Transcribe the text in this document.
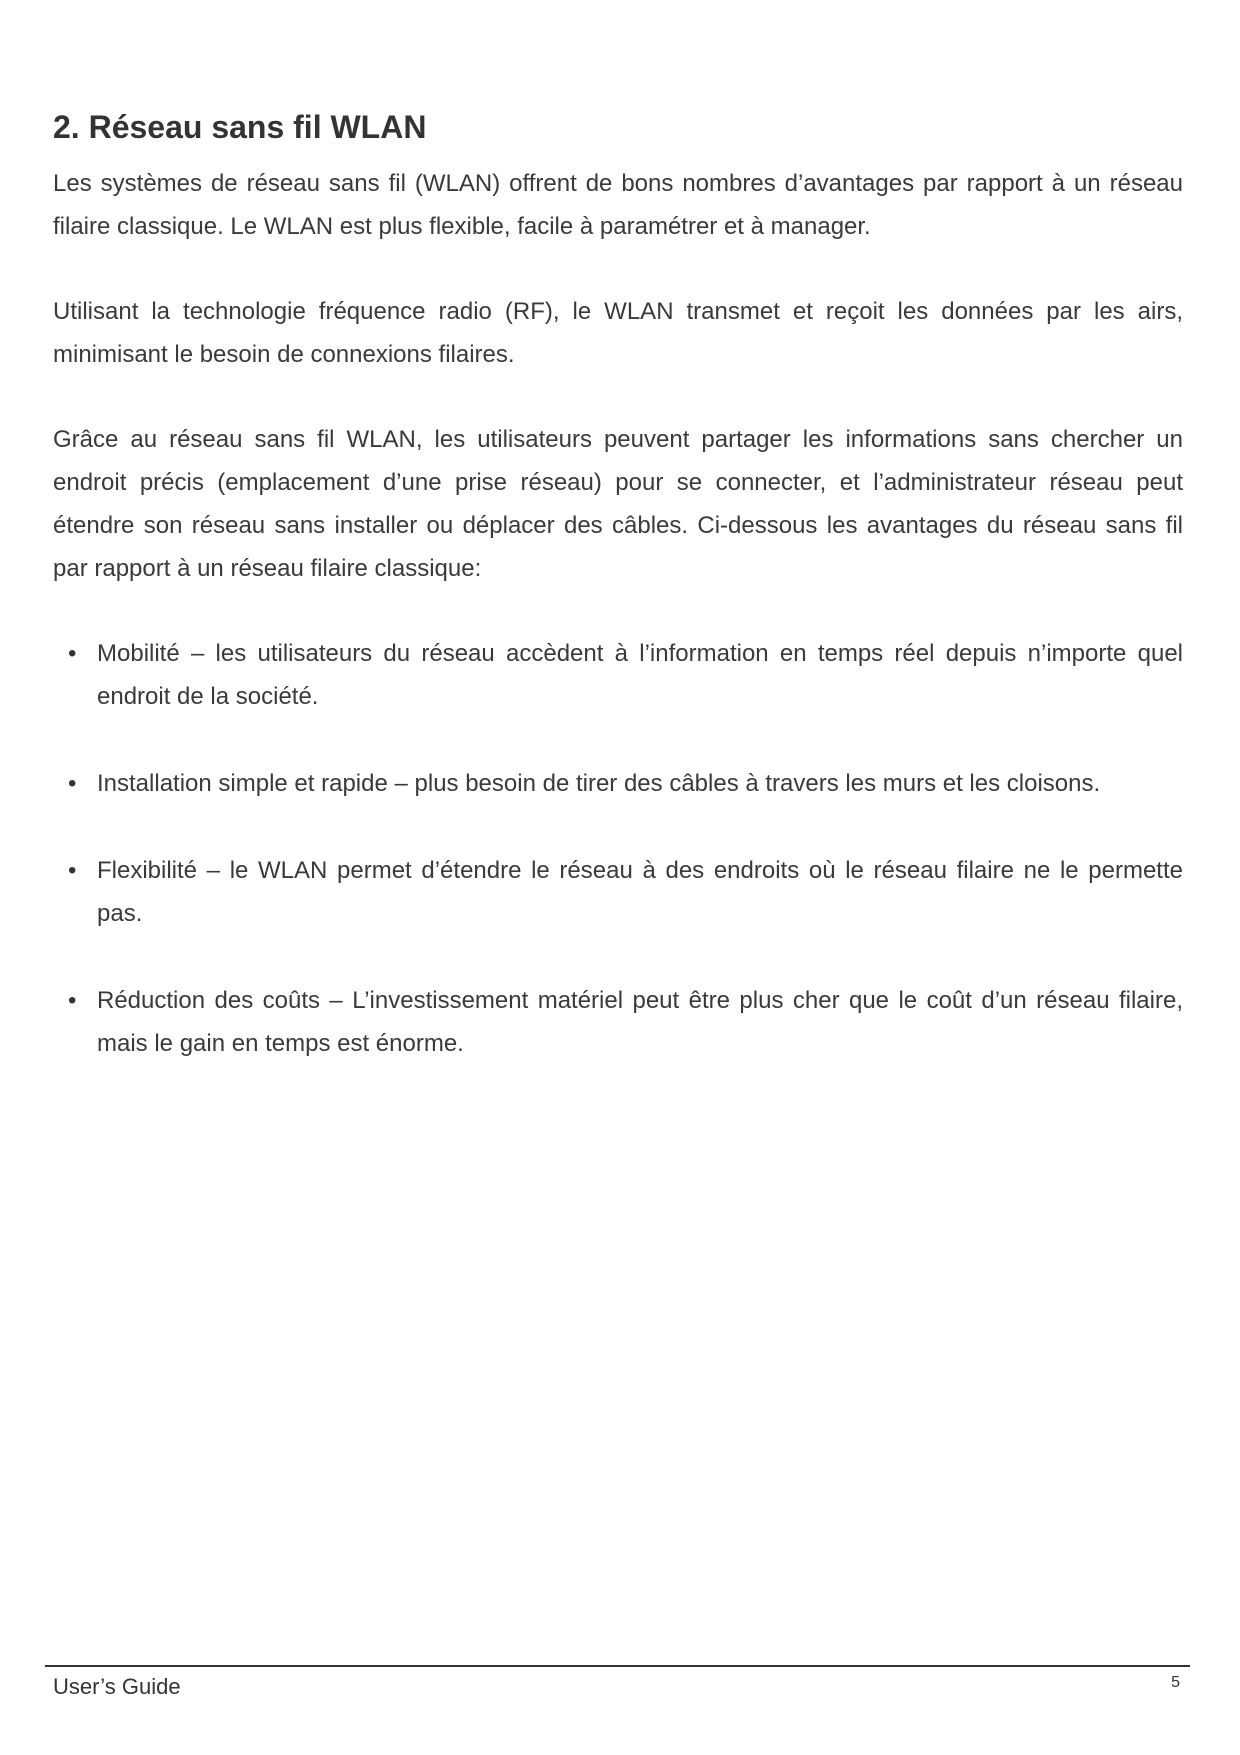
2. Réseau sans fil WLAN

Les systèmes de réseau sans fil (WLAN) offrent de bons nombres d’avantages par rapport à un réseau filaire classique. Le WLAN est plus flexible, facile à paramétrer et à manager.

Utilisant la technologie fréquence radio (RF), le WLAN transmet et reçoit les données par les airs, minimisant le besoin de connexions filaires.

Grâce au réseau sans fil WLAN, les utilisateurs peuvent partager les informations sans chercher un endroit précis (emplacement d’une prise réseau) pour se connecter, et l’administrateur réseau peut étendre son réseau sans installer ou déplacer des câbles. Ci-dessous les avantages du réseau sans fil par rapport à un réseau filaire classique:

• Mobilité – les utilisateurs du réseau accèdent à l’information en temps réel depuis n’importe quel endroit de la société.
• Installation simple et rapide – plus besoin de tirer des câbles à travers les murs et les cloisons.
• Flexibilité – le WLAN permet d’étendre le réseau à des endroits où le réseau filaire ne le permette pas.
• Réduction des coûts – L’investissement matériel peut être plus cher que le coût d’un réseau filaire, mais le gain en temps est énorme.
User’s Guide	5
